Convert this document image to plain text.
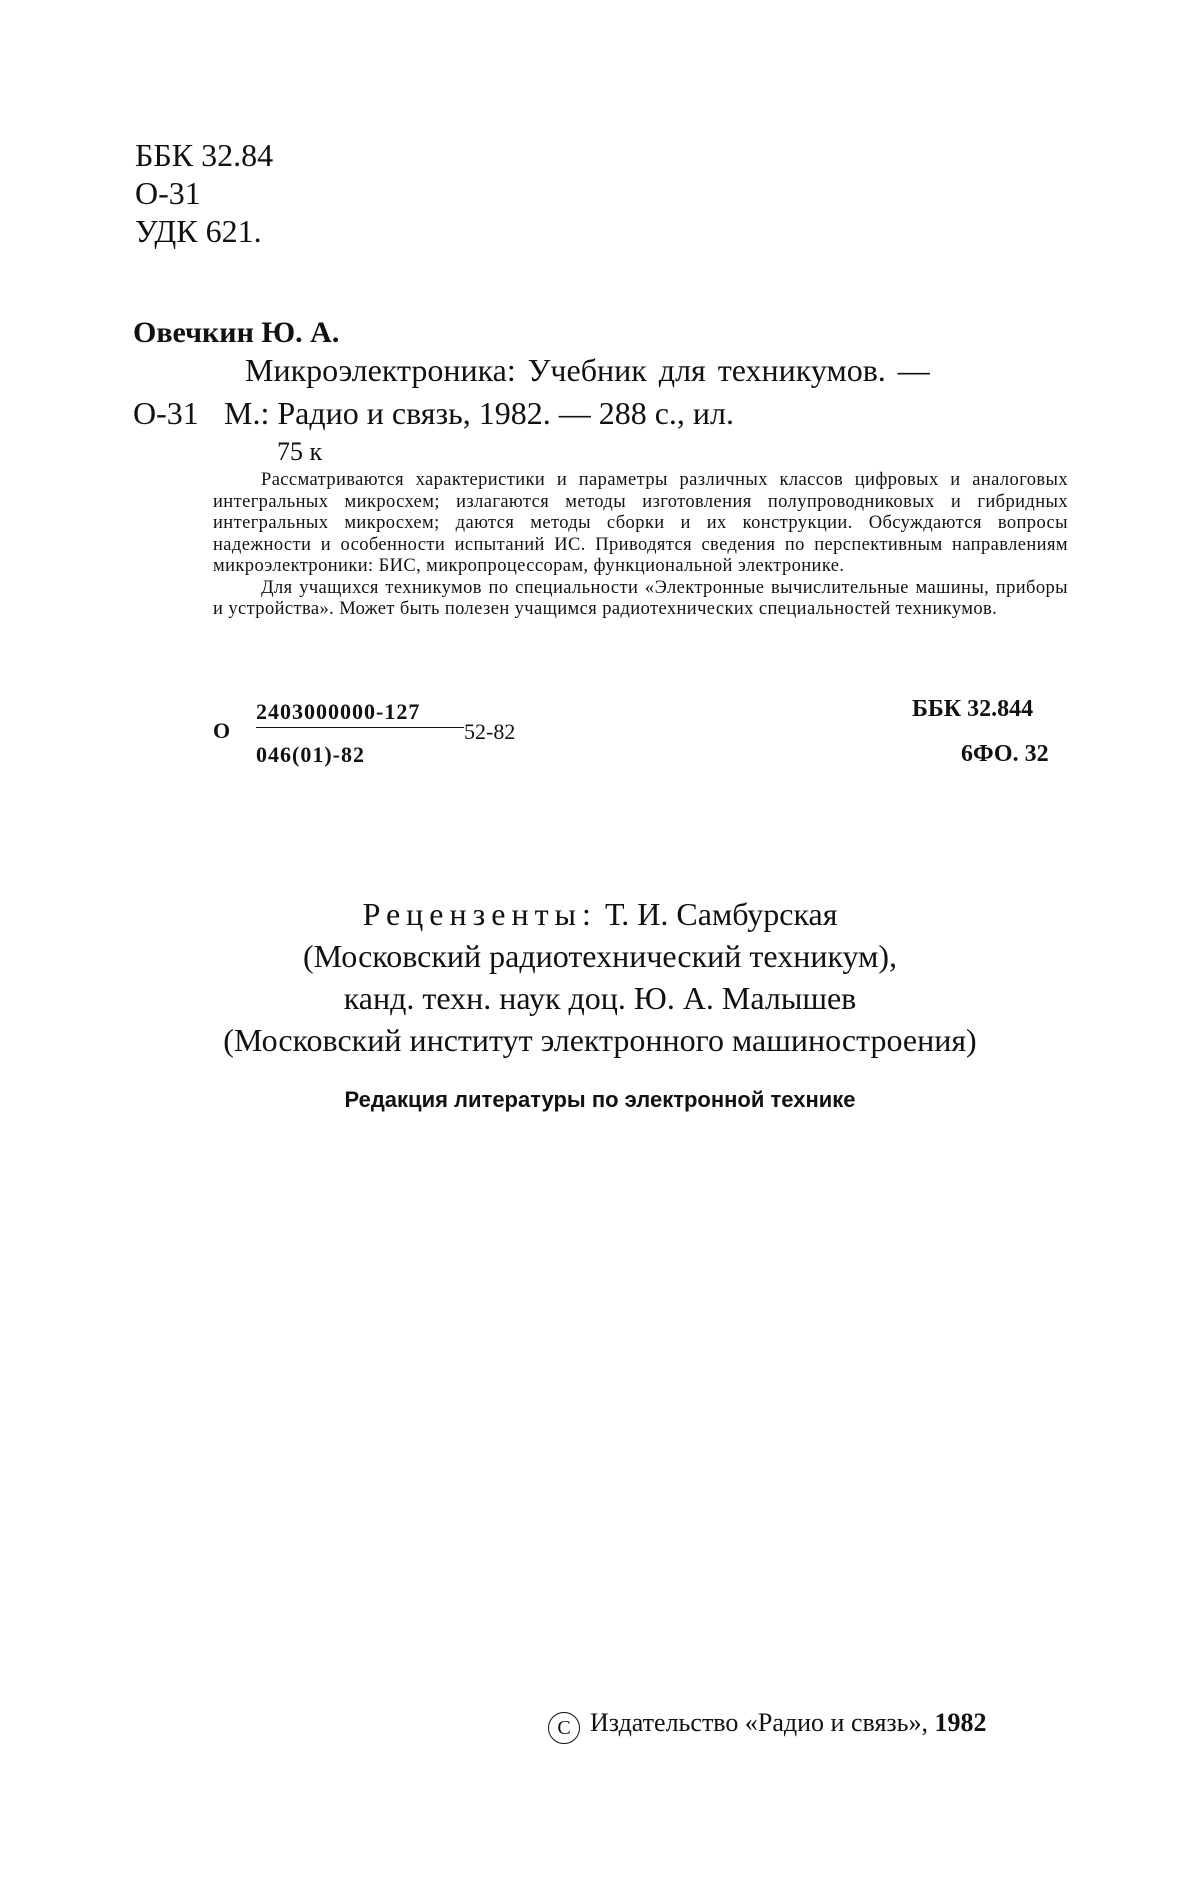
ББК 32.84
О-31
УДК 621.
Овечкин Ю. А.
Микроэлектроника: Учебник для техникумов. —
О-31 М.: Радио и связь, 1982. — 288 с., ил.
75 к

Рассматриваются характеристики и параметры различных классов цифровых и аналоговых интегральных микросхем; излагаются методы изготовления полупроводниковых и гибридных интегральных микросхем; даются методы сборки и их конструкции. Обсуждаются вопросы надежности и особенности испытаний ИС. Приводятся сведения по перспективным направлениям микроэлектроники: БИС, микропроцессорам, функциональной электронике.

Для учащихся техникумов по специальности «Электронные вычислительные машины, приборы и устройства». Может быть полезен учащимся радиотехнических специальностей техникумов.

О
2403000000-127
046(01)-82
52-82
ББК 32.844
6ФО. 32
Рецензенты: Т. И. Самбурская
(Московский радиотехнический техникум),
канд. техн. наук доц. Ю. А. Малышев
(Московский институт электронного машиностроения)
Редакция литературы по электронной технике
С Издательство «Радио и связь», 1982
